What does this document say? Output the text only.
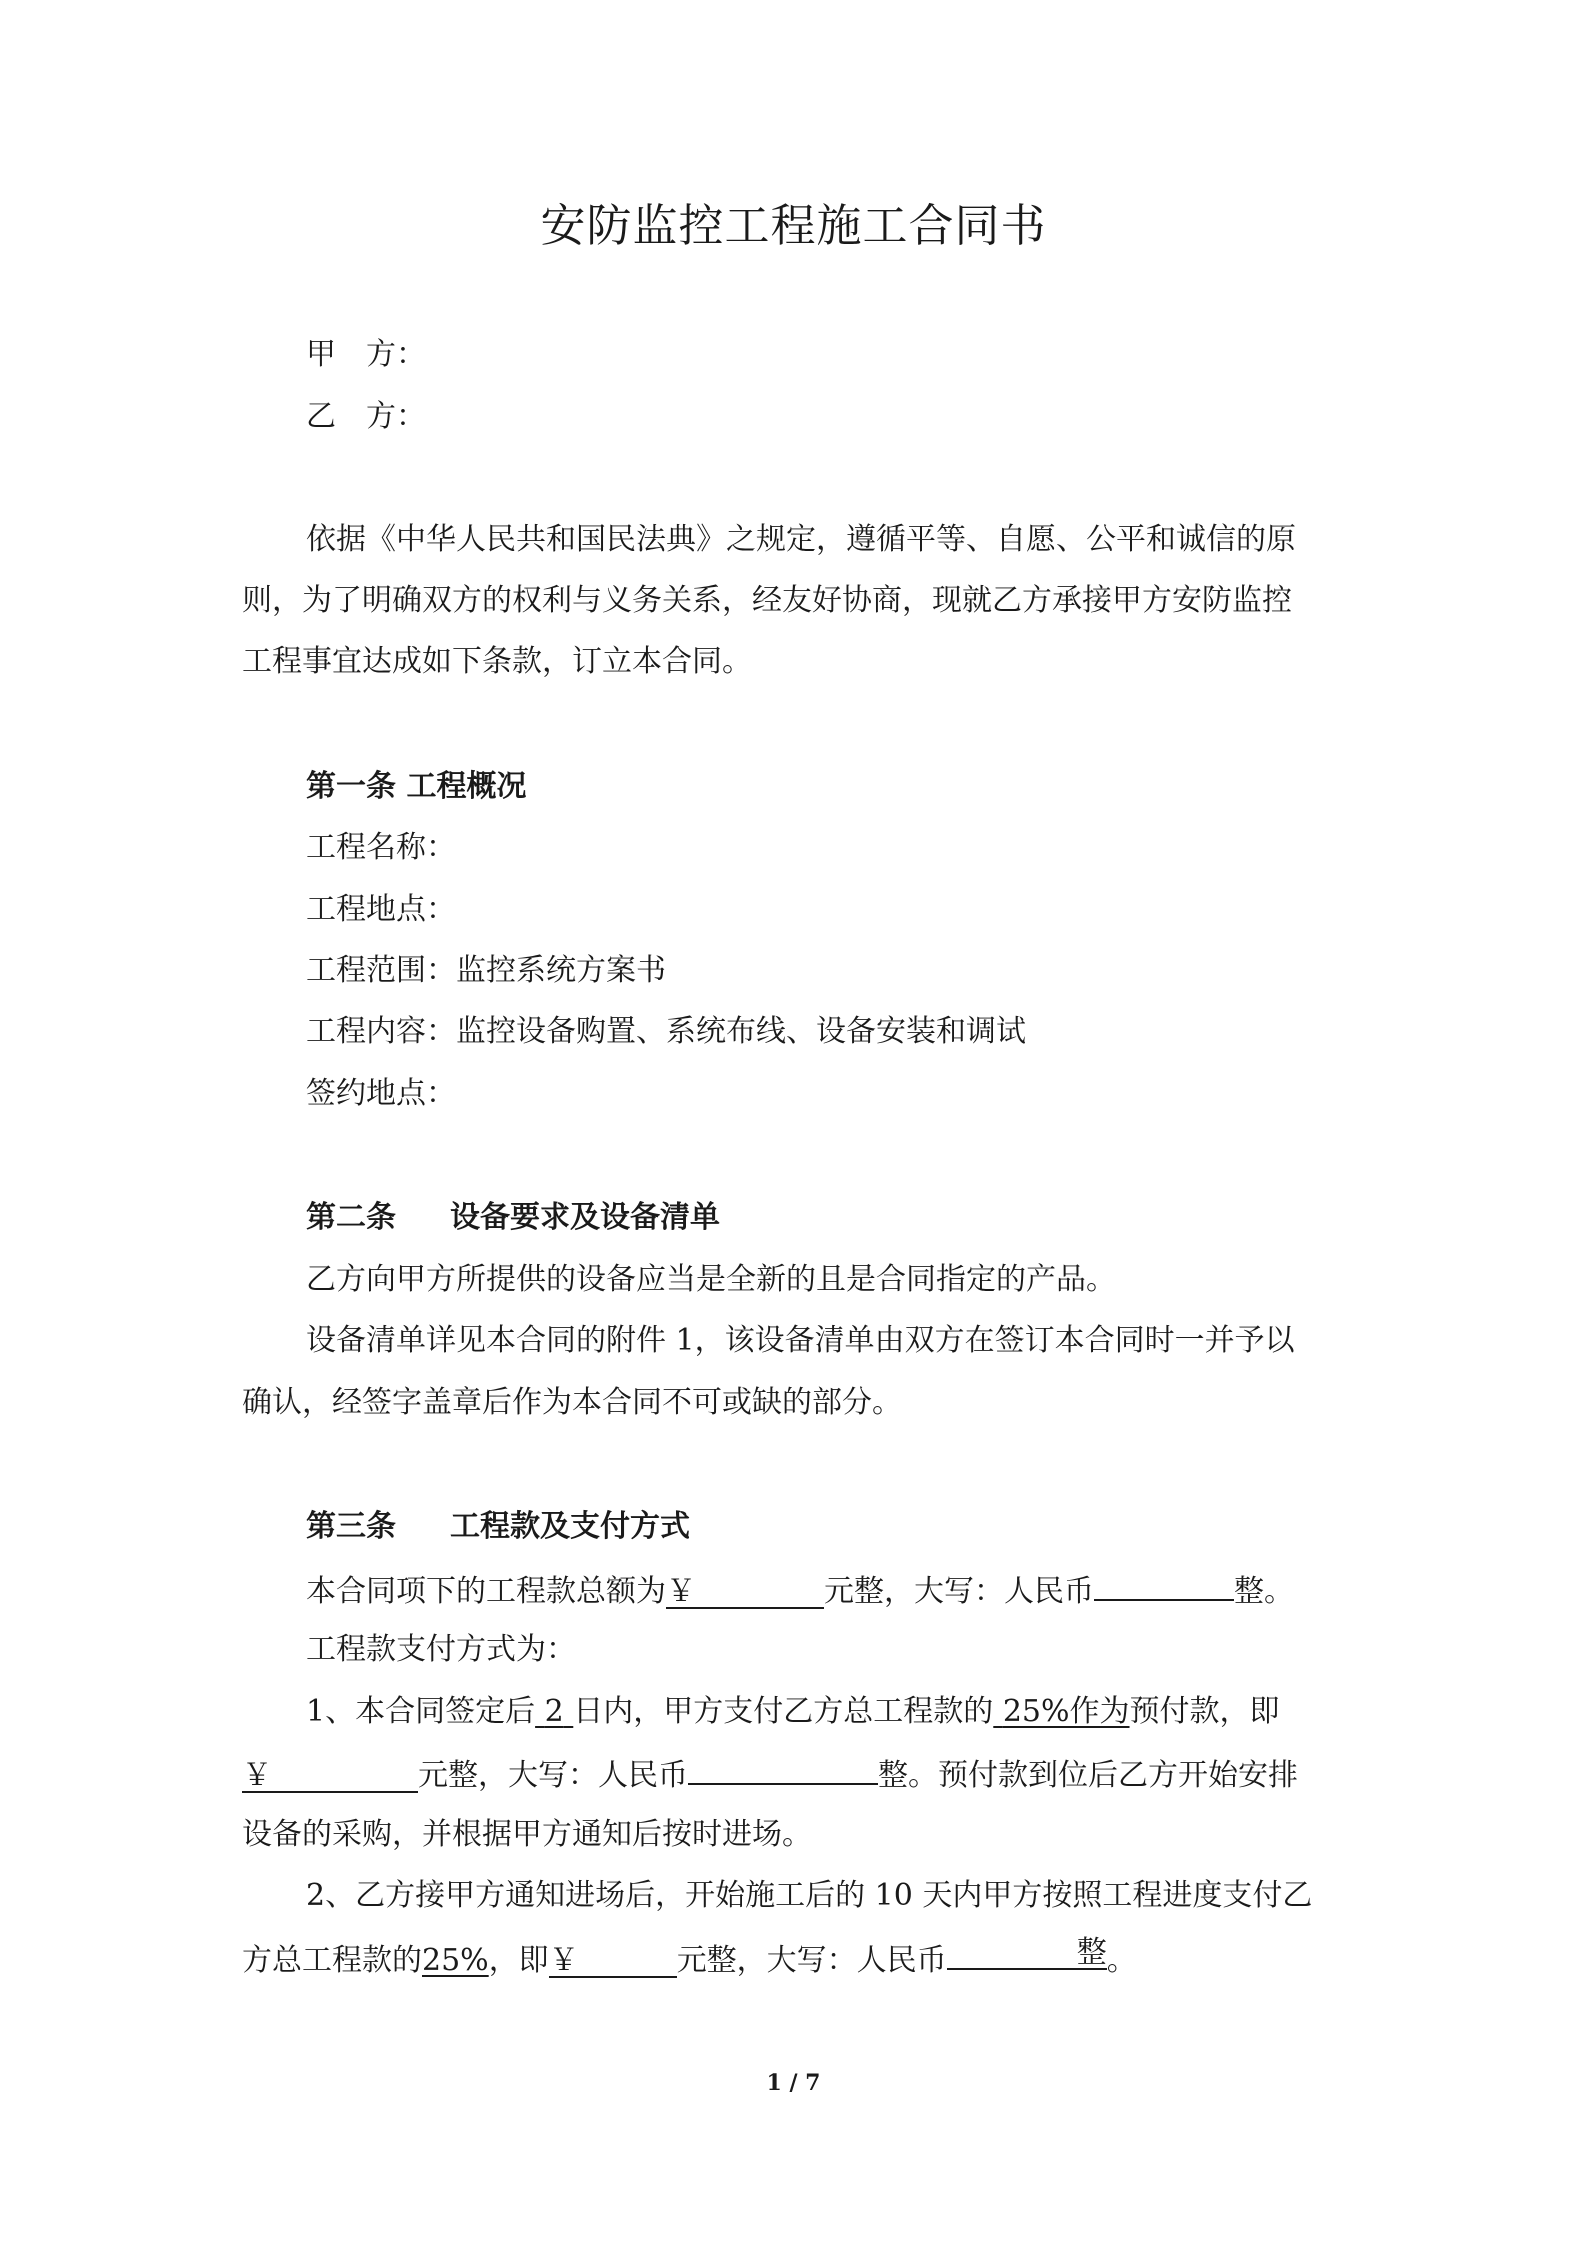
安防监控工程施工合同书
甲　方：
乙　方：
依据《中华人民共和国民法典》之规定，遵循平等、自愿、公平和诚信的原
则，为了明确双方的权利与义务关系，经友好协商，现就乙方承接甲方安防监控
工程事宜达成如下条款，订立本合同。
第一条 工程概况
工程名称：
工程地点：
工程范围：监控系统方案书
工程内容：监控设备购置、系统布线、设备安装和调试
签约地点：
第二条 设备要求及设备清单
乙方向甲方所提供的设备应当是全新的且是合同指定的产品。
设备清单详见本合同的附件 1，该设备清单由双方在签订本合同时一并予以
确认，经签字盖章后作为本合同不可或缺的部分。
第三条 工程款及支付方式
本合同项下的工程款总额为￥	元整，大写：人民币	整。
工程款支付方式为：
1、本合同签定后 2 日内，甲方支付乙方总工程款的 25%作为预付款，即
￥	元整，大写：人民币	整。预付款到位后乙方开始安排
设备的采购，并根据甲方通知后按时进场。
2、乙方接甲方通知进场后，开始施工后的 10 天内甲方按照工程进度支付乙
方总工程款的25%，即￥	元整，大写：人民币	整 。
1 / 7
